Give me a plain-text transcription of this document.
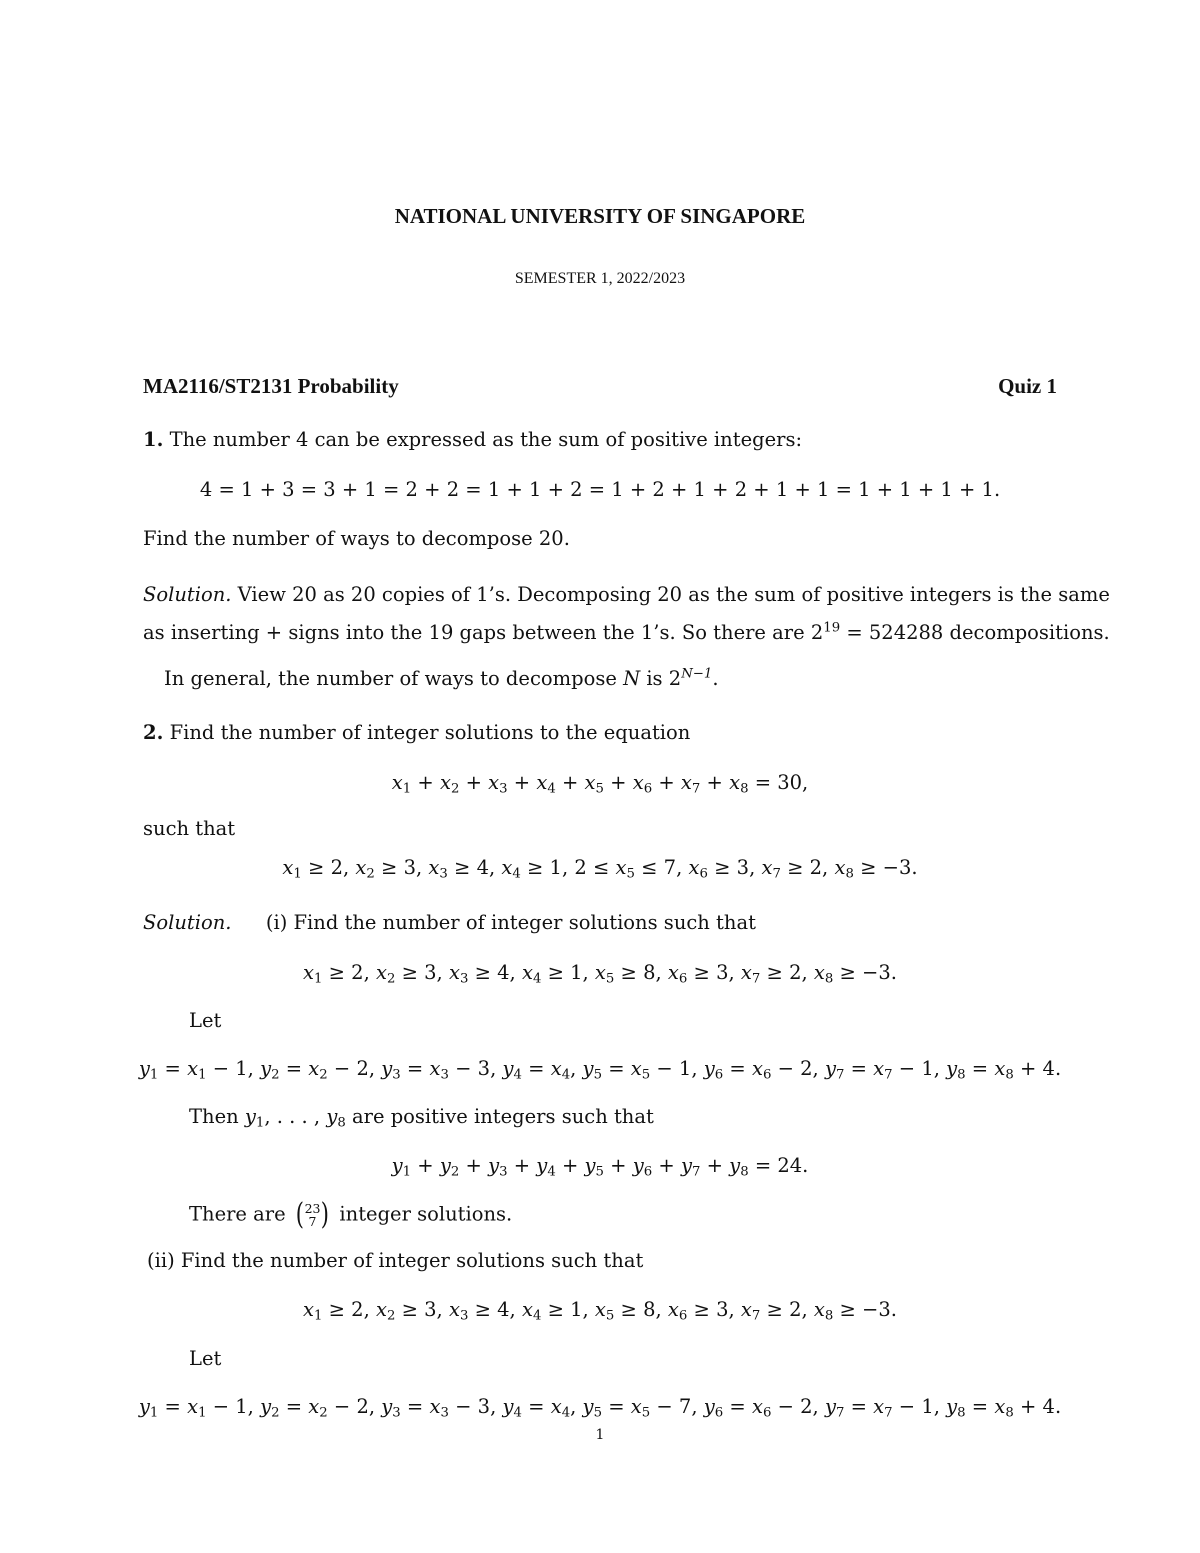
NATIONAL UNIVERSITY OF SINGAPORE
SEMESTER 1, 2022/2023
MA2116/ST2131 Probability	Quiz 1
1. The number 4 can be expressed as the sum of positive integers:
4 = 1 + 3 = 3 + 1 = 2 + 2 = 1 + 1 + 2 = 1 + 2 + 1 + 2 + 1 + 1 = 1 + 1 + 1 + 1.
Find the number of ways to decompose 20.
Solution. View 20 as 20 copies of 1’s. Decomposing 20 as the sum of positive integers is the same
as inserting + signs into the 19 gaps between the 1’s. So there are $2^{19} = 524288$ decompositions.
In general, the number of ways to decompose N is $2^{N-1}$.
2. Find the number of integer solutions to the equation
$x_1 + x_2 + x_3 + x_4 + x_5 + x_6 + x_7 + x_8 = 30$,
such that
$x_1 \ge 2$, $x_2 \ge 3$, $x_3 \ge 4$, $x_4 \ge 1$, $2 \le x_5 \le 7$, $x_6 \ge 3$, $x_7 \ge 2$, $x_8 \ge -3$.
Solution. (i) Find the number of integer solutions such that
$x_1 \ge 2$, $x_2 \ge 3$, $x_3 \ge 4$, $x_4 \ge 1$, $x_5 \ge 8$, $x_6 \ge 3$, $x_7 \ge 2$, $x_8 \ge -3$.
Let
$y_1 = x_1 - 1$, $y_2 = x_2 - 2$, $y_3 = x_3 - 3$, $y_4 = x_4$, $y_5 = x_5 - 1$, $y_6 = x_6 - 2$, $y_7 = x_7 - 1$, $y_8 = x_8 + 4$.
Then $y_1$, . . . , $y_8$ are positive integers such that
$y_1 + y_2 + y_3 + y_4 + y_5 + y_6 + y_7 + y_8 = 24$.
There are ( 23
7 ) integer solutions.
(ii) Find the number of integer solutions such that
$x_1 \ge 2$, $x_2 \ge 3$, $x_3 \ge 4$, $x_4 \ge 1$, $x_5 \ge 8$, $x_6 \ge 3$, $x_7 \ge 2$, $x_8 \ge -3$.
Let
$y_1 = x_1 - 1$, $y_2 = x_2 - 2$, $y_3 = x_3 - 3$, $y_4 = x_4$, $y_5 = x_5 - 7$, $y_6 = x_6 - 2$, $y_7 = x_7 - 1$, $y_8 = x_8 + 4$.
1
